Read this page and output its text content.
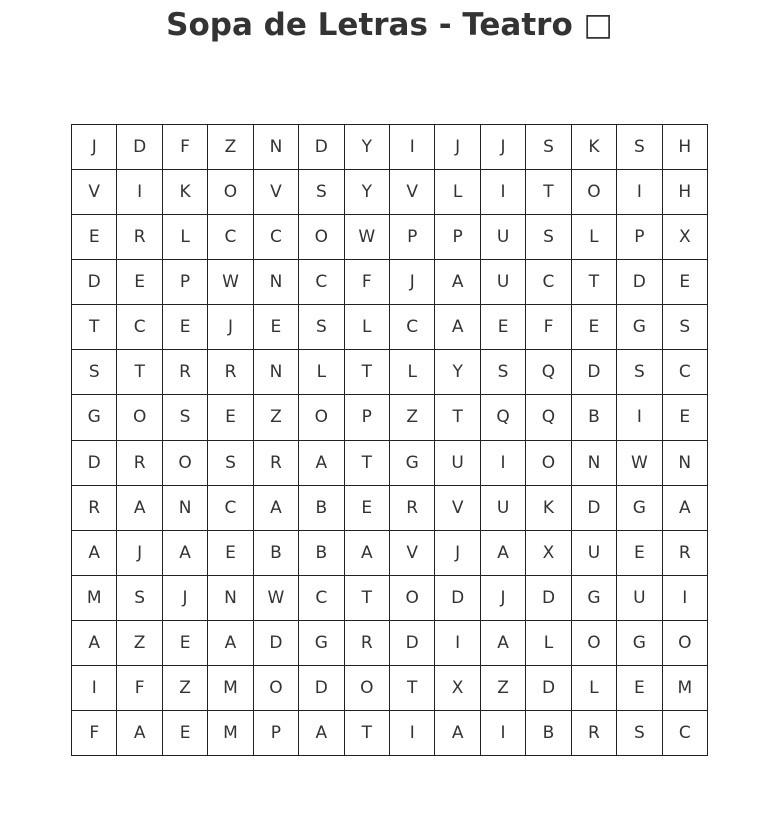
Sopa de Letras - Teatro □
J	D	F	Z	N	D	Y	I	J	J	S	K	S	H
V	I	K	O	V	S	Y	V	L	I	T	O	I	H
E	R	L	C	C	O	W	P	P	U	S	L	P	X
D	E	P	W	N	C	F	J	A	U	C	T	D	E
T	C	E	J	E	S	L	C	A	E	F	E	G	S
S	T	R	R	N	L	T	L	Y	S	Q	D	S	C
G	O	S	E	Z	O	P	Z	T	Q	Q	B	I	E
D	R	O	S	R	A	T	G	U	I	O	N	W	N
R	A	N	C	A	B	E	R	V	U	K	D	G	A
A	J	A	E	B	B	A	V	J	A	X	U	E	R
M	S	J	N	W	C	T	O	D	J	D	G	U	I
A	Z	E	A	D	G	R	D	I	A	L	O	G	O
I	F	Z	M	O	D	O	T	X	Z	D	L	E	M
F	A	E	M	P	A	T	I	A	I	B	R	S	C
